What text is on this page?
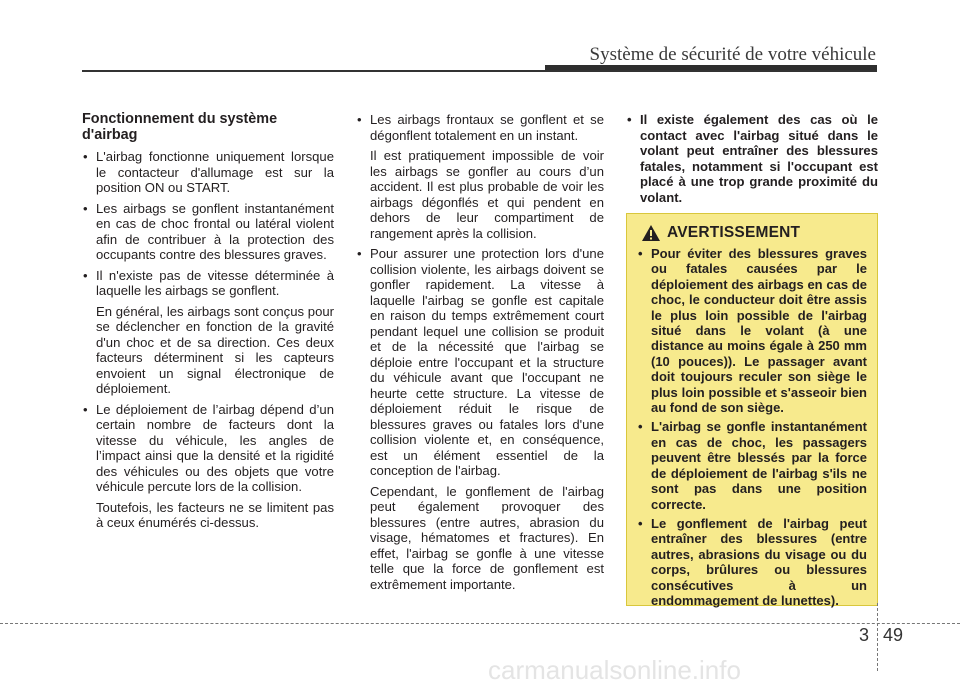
Système de sécurité de votre véhicule
Fonctionnement du système d'airbag
• L'airbag fonctionne uniquement lorsque le contacteur d'allumage est sur la position ON ou START.
• Les airbags se gonflent instantanément en cas de choc frontal ou latéral violent afin de contribuer à la protection des occupants contre des blessures graves.
• Il n'existe pas de vitesse déterminée à laquelle les airbags se gonflent.
En général, les airbags sont conçus pour se déclencher en fonction de la gravité d'un choc et de sa direction. Ces deux facteurs déterminent si les capteurs envoient un signal électronique de déploiement.
• Le déploiement de l’airbag dépend d’un certain nombre de facteurs dont la vitesse du véhicule, les angles de l’impact ainsi que la densité et la rigidité des véhicules ou des objets que votre véhicule percute lors de la collision.
Toutefois, les facteurs ne se limitent pas à ceux énumérés ci-dessus.
• Les airbags frontaux se gonflent et se dégonflent totalement en un instant.
Il est pratiquement impossible de voir les airbags se gonfler au cours d’un accident. Il est plus probable de voir les airbags dégonflés et qui pendent en dehors de leur compartiment de rangement après la collision.
• Pour assurer une protection lors d'une collision violente, les airbags doivent se gonfler rapidement. La vitesse à laquelle l'airbag se gonfle est capitale en raison du temps extrêmement court pendant lequel une collision se produit et de la nécessité que l'airbag se déploie entre l'occupant et la structure du véhicule avant que l'occupant ne heurte cette structure. La vitesse de déploiement réduit le risque de blessures graves ou fatales lors d'une collision violente et, en conséquence, est un élément essentiel de la conception de l'airbag.
Cependant, le gonflement de l'airbag peut également provoquer des blessures (entre autres, abrasion du visage, hématomes et fractures). En effet, l'airbag se gonfle à une vitesse telle que la force de gonflement est extrêmement importante.
• Il existe également des cas où le contact avec l'airbag situé dans le volant peut entraîner des blessures fatales, notamment si l'occupant est placé à une trop grande proximité du volant.
AVERTISSEMENT
• Pour éviter des blessures graves ou fatales causées par le déploiement des airbags en cas de choc, le conducteur doit être assis le plus loin possible de l'airbag situé dans le volant (à une distance au moins égale à 250 mm (10 pouces)). Le passager avant doit toujours reculer son siège le plus loin possible et s'asseoir bien au fond de son siège.
• L'airbag se gonfle instantanément en cas de choc, les passagers peuvent être blessés par la force de déploiement de l'airbag s'ils ne sont pas dans une position correcte.
• Le gonflement de l'airbag peut entraîner des blessures (entre autres, abrasions du visage ou du corps, brûlures ou blessures consécutives à un endommagement de lunettes).
3 49
carmanualsonline.info
